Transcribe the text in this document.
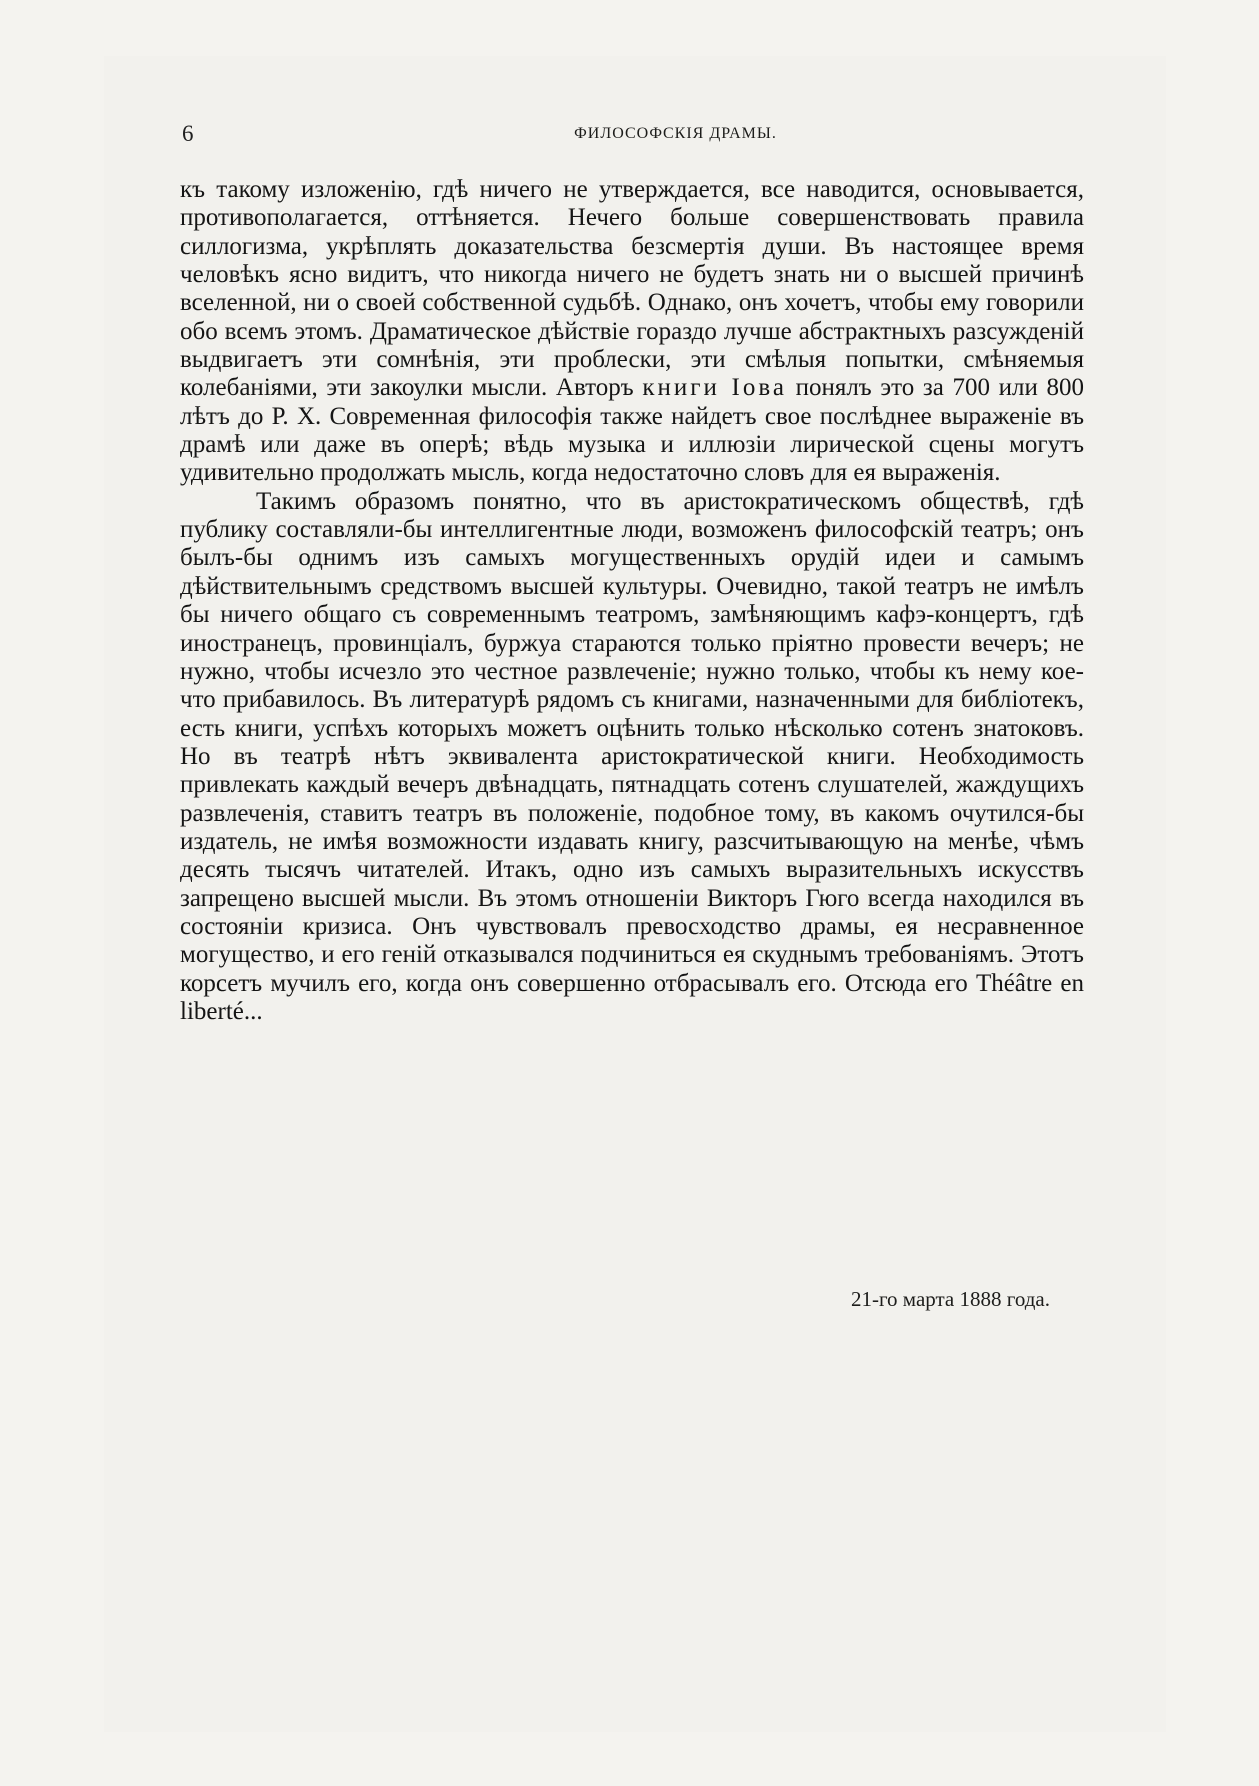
6	ФИЛОСОФСКІЯ ДРАМЫ.

къ такому изложенію, гдѣ ничего не утверждается, все наводится, основывается, противополагается, оттѣняется. Нечего больше совершенствовать правила силлогизма, укрѣплять доказательства безсмертія души. Въ настоящее время человѣкъ ясно видитъ, что никогда ничего не будетъ знать ни о высшей причинѣ вселенной, ни о своей собственной судьбѣ. Однако, онъ хочетъ, чтобы ему говорили обо всемъ этомъ. Драматическое дѣйствіе гораздо лучше абстрактныхъ разсужденій выдвигаетъ эти сомнѣнія, эти проблески, эти смѣлыя попытки, смѣняемыя колебаніями, эти закоулки мысли. Авторъ книги Іова понялъ это за 700 или 800 лѣтъ до Р. X. Современная философія также найдетъ свое послѣднее выраженіе въ драмѣ или даже въ оперѣ; вѣдь музыка и иллюзіи лирической сцены могутъ удивительно продолжать мысль, когда недостаточно словъ для ея выраженія.

Такимъ образомъ понятно, что въ аристократическомъ обществѣ, гдѣ публику составляли-бы интеллигентные люди, возможенъ философскій театръ; онъ былъ-бы однимъ изъ самыхъ могущественныхъ орудій идеи и самымъ дѣйствительнымъ средствомъ высшей культуры. Очевидно, такой театръ не имѣлъ бы ничего общаго съ современнымъ театромъ, замѣняющимъ кафэ-концертъ, гдѣ иностранецъ, провинціалъ, буржуа стараются только пріятно провести вечеръ; не нужно, чтобы исчезло это честное развлеченіе; нужно только, чтобы къ нему кое-что прибавилось. Въ литературѣ рядомъ съ книгами, назначенными для библіотекъ, есть книги, успѣхъ которыхъ можетъ оцѣнить только нѣсколько сотенъ знатоковъ. Но въ театрѣ нѣтъ эквивалента аристократической книги. Необходимость привлекать каждый вечеръ двѣнадцать, пятнадцать сотенъ слушателей, жаждущихъ развлеченія, ставитъ театръ въ положеніе, подобное тому, въ какомъ очутился-бы издатель, не имѣя возможности издавать книгу, разсчитывающую на менѣе, чѣмъ десять тысячъ читателей. Итакъ, одно изъ самыхъ выразительныхъ искусствъ запрещено высшей мысли. Въ этомъ отношеніи Викторъ Гюго всегда находился въ состояніи кризиса. Онъ чувствовалъ превосходство драмы, ея несравненное могущество, и его геній отказывался подчиниться ея скуднымъ требованіямъ. Этотъ корсетъ мучилъ его, когда онъ совершенно отбрасывалъ его. Отсюда его Théâtre en liberté...

21-го марта 1888 года.
